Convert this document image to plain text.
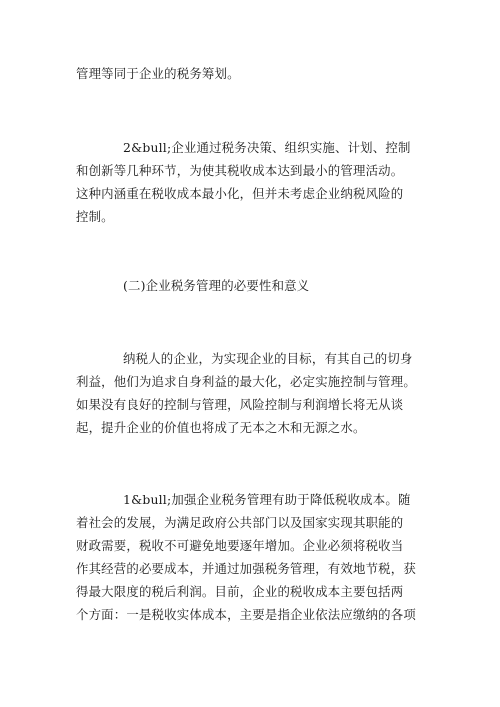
管理等同于企业的税务筹划。

2&bull;企业通过税务决策、组织实施、计划、控制
和创新等几种环节，为使其税收成本达到最小的管理活动。
这种内涵重在税收成本最小化，但并未考虑企业纳税风险的
控制。

(二)企业税务管理的必要性和意义

纳税人的企业，为实现企业的目标，有其自己的切身
利益，他们为追求自身利益的最大化，必定实施控制与管理。
如果没有良好的控制与管理，风险控制与利润增长将无从谈
起，提升企业的价值也将成了无本之木和无源之水。

1&bull;加强企业税务管理有助于降低税收成本。随
着社会的发展，为满足政府公共部门以及国家实现其职能的
财政需要，税收不可避免地要逐年增加。企业必须将税收当
作其经营的必要成本，并通过加强税务管理，有效地节税，获
得最大限度的税后利润。目前，企业的税收成本主要包括两
个方面：一是税收实体成本，主要是指企业依法应缴纳的各项
